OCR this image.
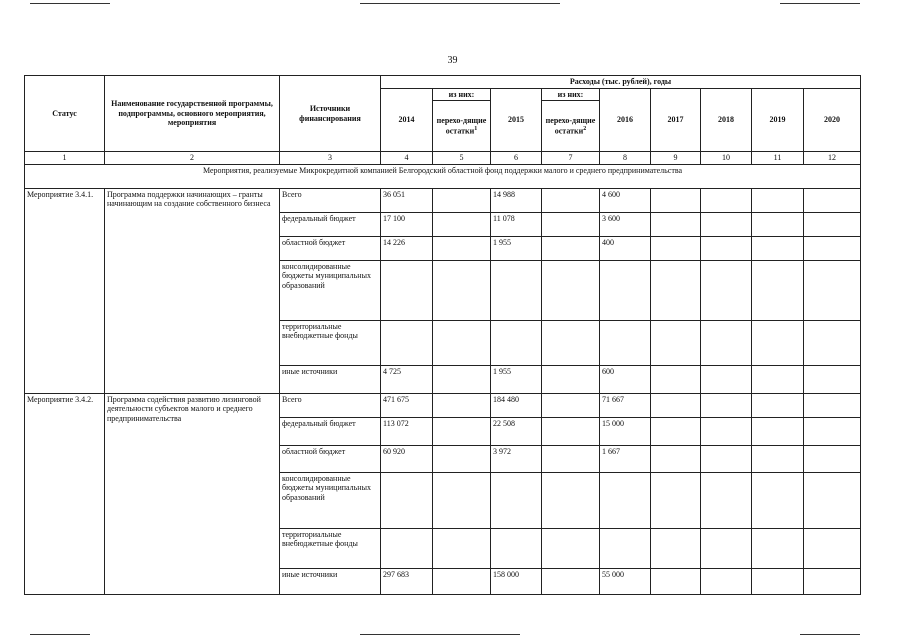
39
Статус	Наименование государственной программы, подпрограммы, основного мероприятия, мероприятия	Источники финансирования	Расходы (тыс. рублей), годы								
			2014	из них:	2015	из них:	2016	2017	2018	2019	2020
				перехо-дящие остатки$^1$		перехо-дящие остатки$^2$
1	2	3	4	5	6	7	8	9	10	11	12
Мероприятия, реализуемые Микрокредитной компанией Белгородский областной фонд поддержки малого и среднего предпринимательства											
Мероприятие 3.4.1.	Программа поддержки начинающих – гранты начинающим на создание собственного бизнеса	Всего	36 051		14 988		4 600				
		федеральный бюджет	17 100		11 078		3 600				
		областной бюджет	14 226		1 955		400				
		консолидированные бюджеты муниципальных образований									
		территориальные внебюджетные фонды									
		иные источники	4 725		1 955		600				
Мероприятие 3.4.2.	Программа содействия развитию лизинговой деятельности субъектов малого и среднего предпринимательства	Всего	471 675		184 480		71 667				
		федеральный бюджет	113 072		22 508		15 000				
		областной бюджет	60 920		3 972		1 667				
		консолидированные бюджеты муниципальных образований									
		территориальные внебюджетные фонды									
		иные источники	297 683		158 000		55 000				
